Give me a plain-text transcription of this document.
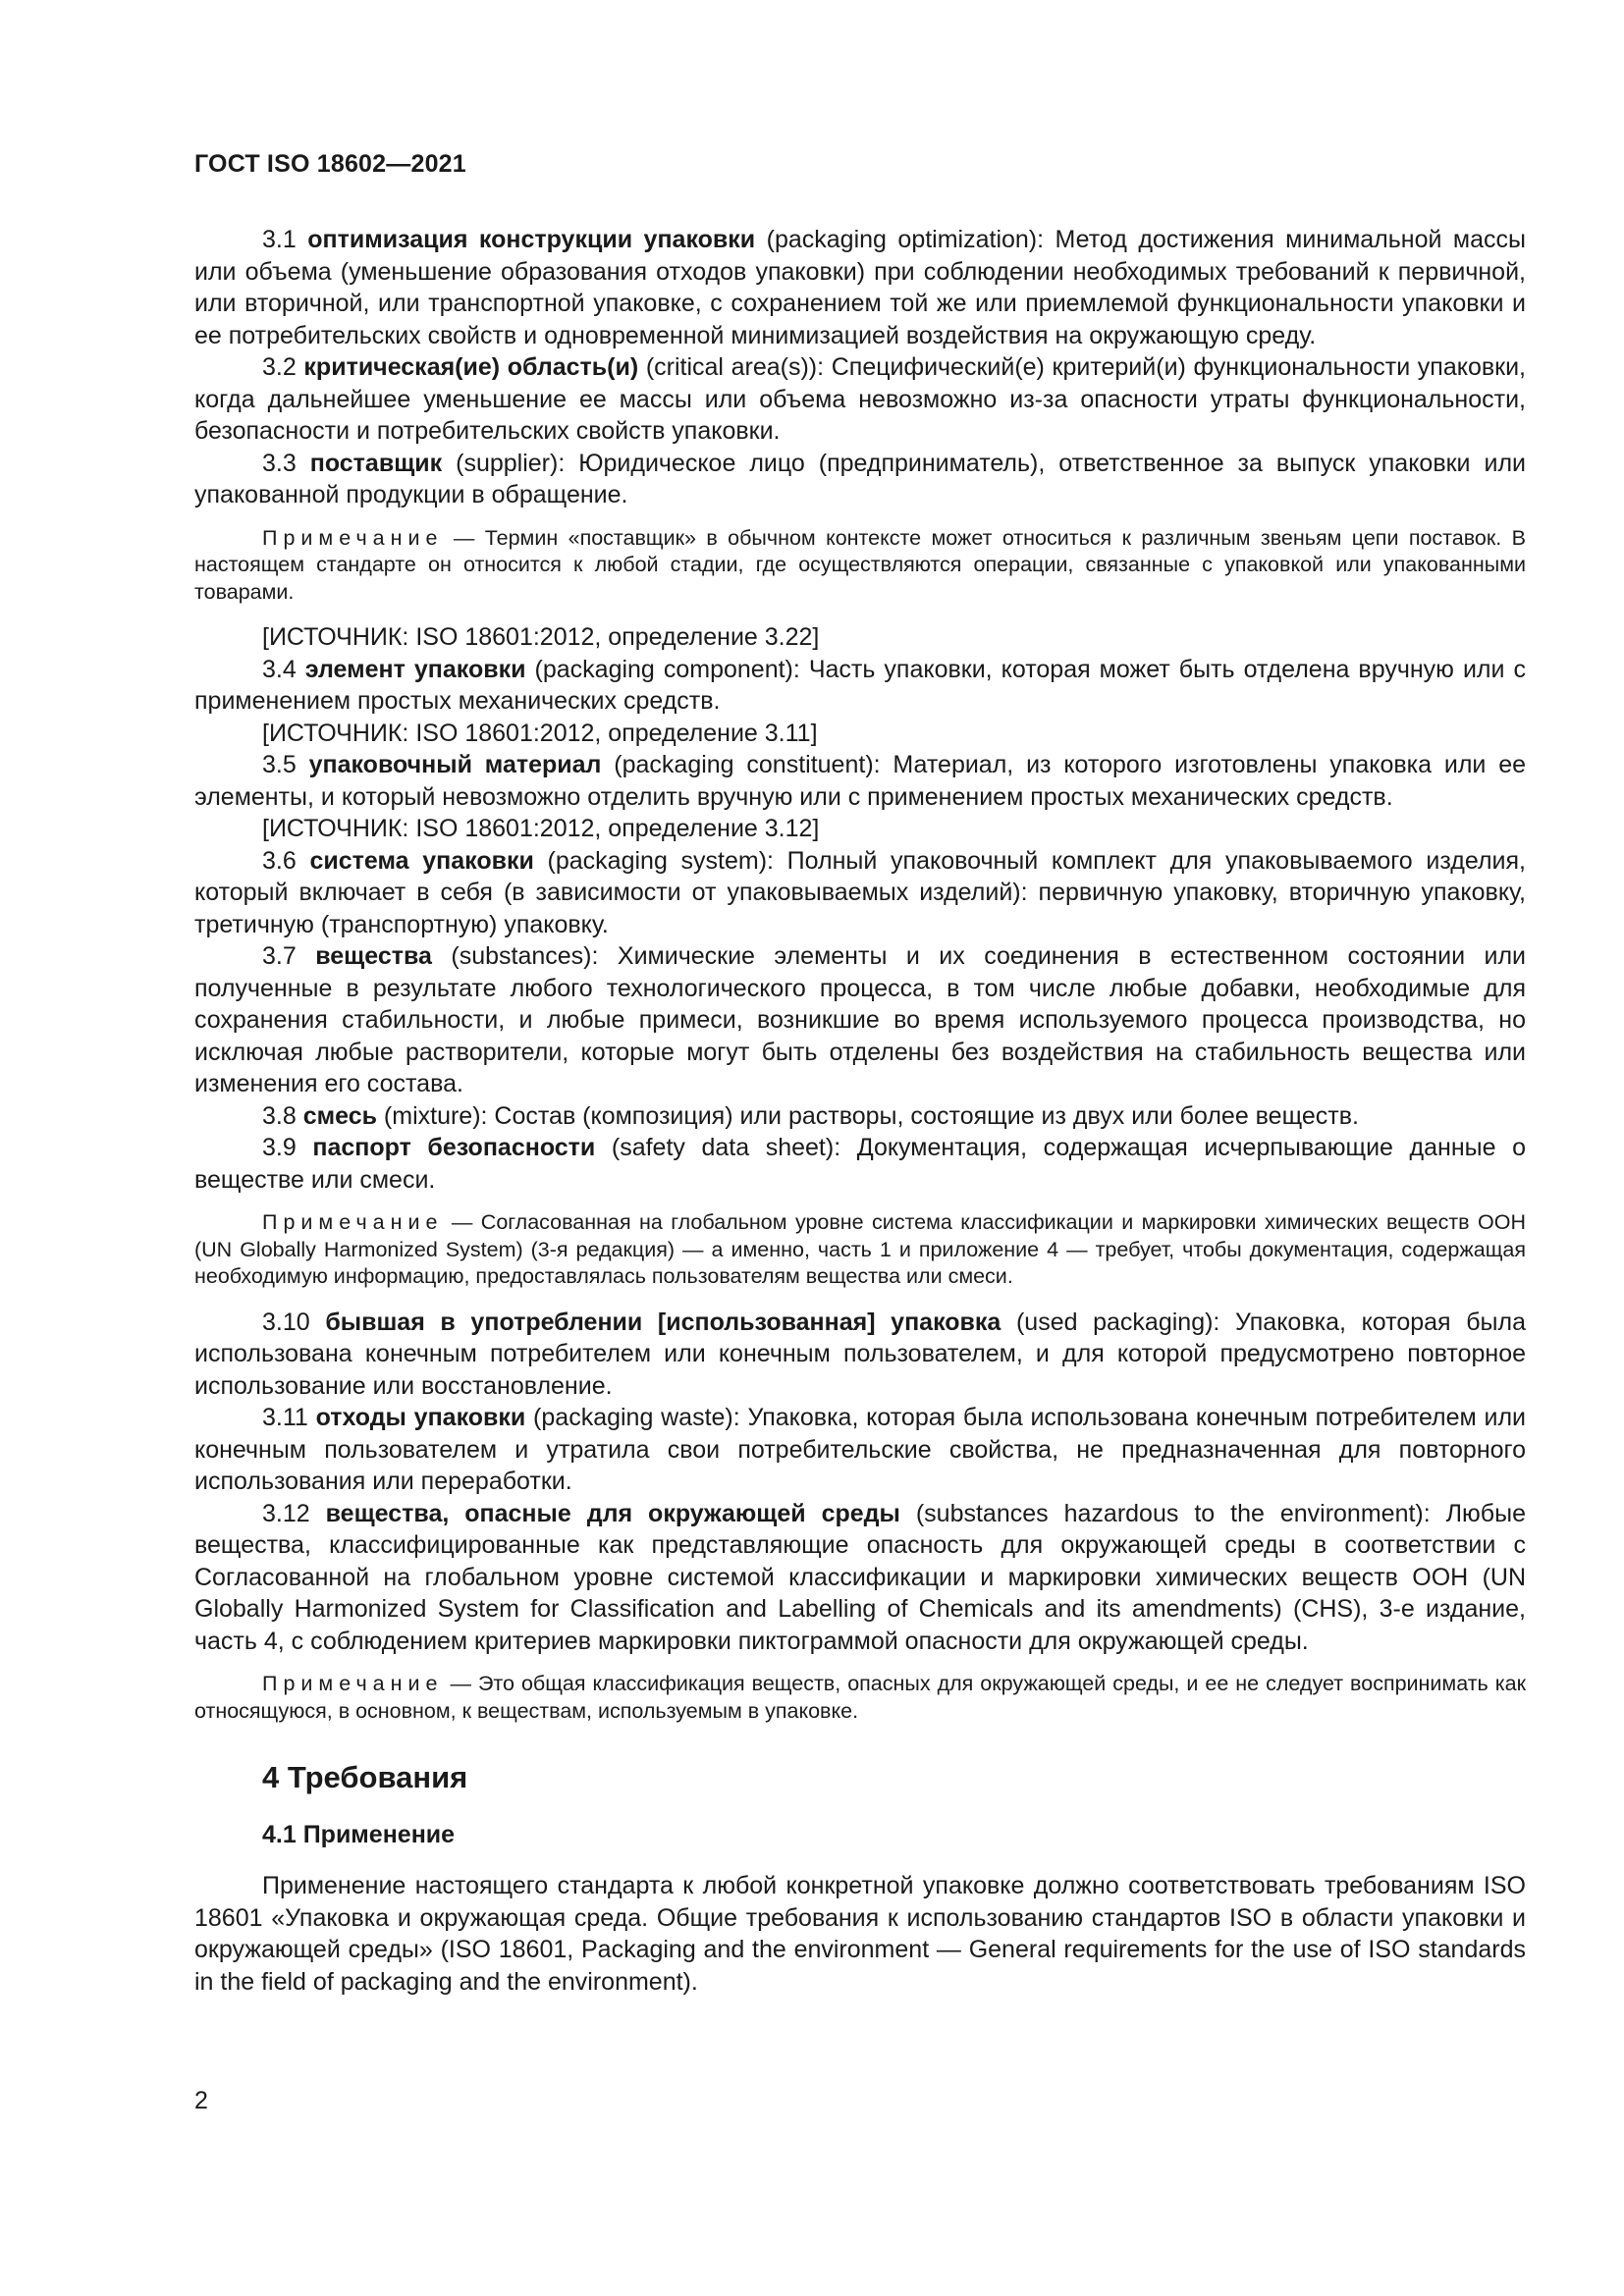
ГОСТ ISO 18602—2021

3.1 оптимизация конструкции упаковки (packaging optimization): Метод достижения минимальной массы или объема (уменьшение образования отходов упаковки) при соблюдении необходимых требований к первичной, или вторичной, или транспортной упаковке, с сохранением той же или приемлемой функциональности упаковки и ее потребительских свойств и одновременной минимизацией воздействия на окружающую среду.

3.2 критическая(ие) область(и) (critical area(s)): Специфический(е) критерий(и) функциональности упаковки, когда дальнейшее уменьшение ее массы или объема невозможно из-за опасности утраты функциональности, безопасности и потребительских свойств упаковки.

3.3 поставщик (supplier): Юридическое лицо (предприниматель), ответственное за выпуск упаковки или упакованной продукции в обращение.

Примечание — Термин «поставщик» в обычном контексте может относиться к различным звеньям цепи поставок. В настоящем стандарте он относится к любой стадии, где осуществляются операции, связанные с упаковкой или упакованными товарами.

[ИСТОЧНИК: ISO 18601:2012, определение 3.22]

3.4 элемент упаковки (packaging component): Часть упаковки, которая может быть отделена вручную или с применением простых механических средств.

[ИСТОЧНИК: ISO 18601:2012, определение 3.11]

3.5 упаковочный материал (packaging constituent): Материал, из которого изготовлены упаковка или ее элементы, и который невозможно отделить вручную или с применением простых механических средств.

[ИСТОЧНИК: ISO 18601:2012, определение 3.12]

3.6 система упаковки (packaging system): Полный упаковочный комплект для упаковываемого изделия, который включает в себя (в зависимости от упаковываемых изделий): первичную упаковку, вторичную упаковку, третичную (транспортную) упаковку.

3.7 вещества (substances): Химические элементы и их соединения в естественном состоянии или полученные в результате любого технологического процесса, в том числе любые добавки, необходимые для сохранения стабильности, и любые примеси, возникшие во время используемого процесса производства, но исключая любые растворители, которые могут быть отделены без воздействия на стабильность вещества или изменения его состава.

3.8 смесь (mixture): Состав (композиция) или растворы, состоящие из двух или более веществ.

3.9 паспорт безопасности (safety data sheet): Документация, содержащая исчерпывающие данные о веществе или смеси.

Примечание — Согласованная на глобальном уровне система классификации и маркировки химических веществ ООН (UN Globally Harmonized System) (3-я редакция) — а именно, часть 1 и приложение 4 — требует, чтобы документация, содержащая необходимую информацию, предоставлялась пользователям вещества или смеси.

3.10 бывшая в употреблении [использованная] упаковка (used packaging): Упаковка, которая была использована конечным потребителем или конечным пользователем, и для которой предусмотрено повторное использование или восстановление.

3.11 отходы упаковки (packaging waste): Упаковка, которая была использована конечным потребителем или конечным пользователем и утратила свои потребительские свойства, не предназначенная для повторного использования или переработки.

3.12 вещества, опасные для окружающей среды (substances hazardous to the environment): Любые вещества, классифицированные как представляющие опасность для окружающей среды в соответствии с Согласованной на глобальном уровне системой классификации и маркировки химических веществ ООН (UN Globally Harmonized System for Classification and Labelling of Chemicals and its amendments) (CHS), 3-е издание, часть 4, с соблюдением критериев маркировки пиктограммой опасности для окружающей среды.

Примечание — Это общая классификация веществ, опасных для окружающей среды, и ее не следует воспринимать как относящуюся, в основном, к веществам, используемым в упаковке.

4 Требования
4.1 Применение

Применение настоящего стандарта к любой конкретной упаковке должно соответствовать требованиям ISO 18601 «Упаковка и окружающая среда. Общие требования к использованию стандартов ISO в области упаковки и окружающей среды» (ISO 18601, Packaging and the environment — General requirements for the use of ISO standards in the field of packaging and the environment).

2
